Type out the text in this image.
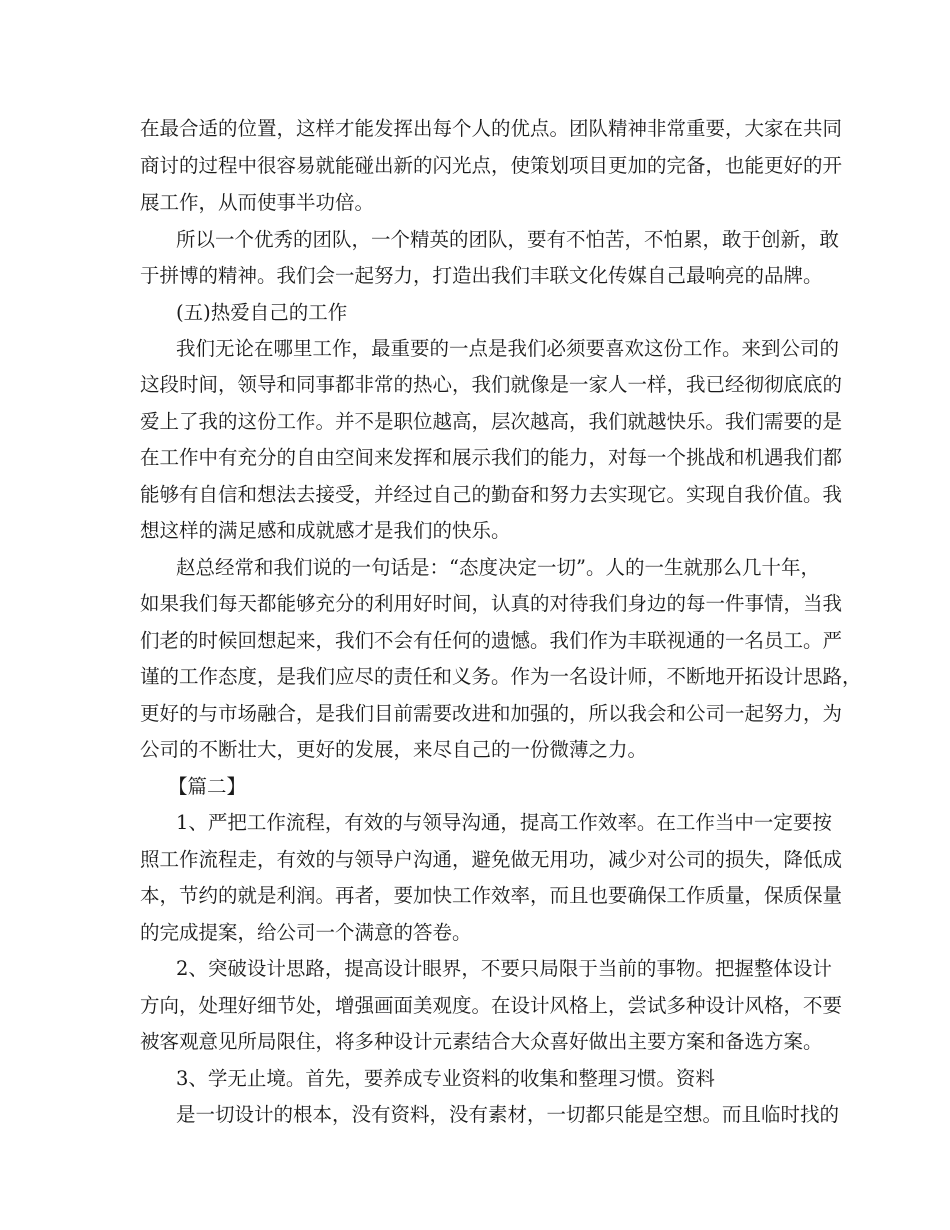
在最合适的位置，这样才能发挥出每个人的优点。团队精神非常重要，大家在共同
商讨的过程中很容易就能碰出新的闪光点，使策划项目更加的完备，也能更好的开
展工作，从而使事半功倍。
所以一个优秀的团队，一个精英的团队，要有不怕苦，不怕累，敢于创新，敢
于拼博的精神。我们会一起努力，打造出我们丰联文化传媒自己最响亮的品牌。
(五)热爱自己的工作
我们无论在哪里工作，最重要的一点是我们必须要喜欢这份工作。来到公司的
这段时间，领导和同事都非常的热心，我们就像是一家人一样，我已经彻彻底底的
爱上了我的这份工作。并不是职位越高，层次越高，我们就越快乐。我们需要的是
在工作中有充分的自由空间来发挥和展示我们的能力，对每一个挑战和机遇我们都
能够有自信和想法去接受，并经过自己的勤奋和努力去实现它。实现自我价值。我
想这样的满足感和成就感才是我们的快乐。
赵总经常和我们说的一句话是：“态度决定一切”。人的一生就那么几十年，
如果我们每天都能够充分的利用好时间，认真的对待我们身边的每一件事情，当我
们老的时候回想起来，我们不会有任何的遗憾。我们作为丰联视通的一名员工。严
谨的工作态度，是我们应尽的责任和义务。作为一名设计师，不断地开拓设计思路，
更好的与市场融合，是我们目前需要改进和加强的，所以我会和公司一起努力，为
公司的不断壮大，更好的发展，来尽自己的一份微薄之力。
【篇二】
1、严把工作流程，有效的与领导沟通，提高工作效率。在工作当中一定要按
照工作流程走，有效的与领导户沟通，避免做无用功，减少对公司的损失，降低成
本，节约的就是利润。再者，要加快工作效率，而且也要确保工作质量，保质保量
的完成提案，给公司一个满意的答卷。
2、突破设计思路，提高设计眼界，不要只局限于当前的事物。把握整体设计
方向，处理好细节处，增强画面美观度。在设计风格上，尝试多种设计风格，不要
被客观意见所局限住，将多种设计元素结合大众喜好做出主要方案和备选方案。
3、学无止境。首先，要养成专业资料的收集和整理习惯。资料
是一切设计的根本，没有资料，没有素材，一切都只能是空想。而且临时找的
